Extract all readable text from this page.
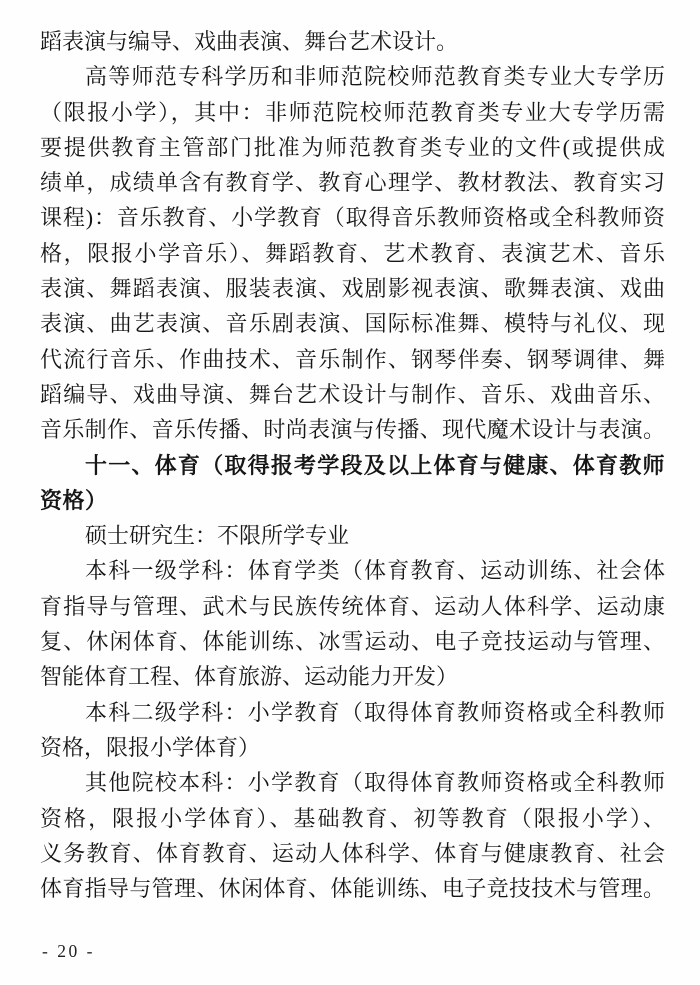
蹈表演与编导、戏曲表演、舞台艺术设计。
高等师范专科学历和非师范院校师范教育类专业大专学历
（限报小学），其中：非师范院校师范教育类专业大专学历需
要提供教育主管部门批准为师范教育类专业的文件(或提供成
绩单，成绩单含有教育学、教育心理学、教材教法、教育实习
课程)：音乐教育、小学教育（取得音乐教师资格或全科教师资
格，限报小学音乐）、舞蹈教育、艺术教育、表演艺术、音乐
表演、舞蹈表演、服装表演、戏剧影视表演、歌舞表演、戏曲
表演、曲艺表演、音乐剧表演、国际标准舞、模特与礼仪、现
代流行音乐、作曲技术、音乐制作、钢琴伴奏、钢琴调律、舞
蹈编导、戏曲导演、舞台艺术设计与制作、音乐、戏曲音乐、
音乐制作、音乐传播、时尚表演与传播、现代魔术设计与表演。
十一、体育（取得报考学段及以上体育与健康、体育教师
资格）
硕士研究生：不限所学专业
本科一级学科：体育学类（体育教育、运动训练、社会体
育指导与管理、武术与民族传统体育、运动人体科学、运动康
复、休闲体育、体能训练、冰雪运动、电子竞技运动与管理、
智能体育工程、体育旅游、运动能力开发）
本科二级学科：小学教育（取得体育教师资格或全科教师
资格，限报小学体育）
其他院校本科：小学教育（取得体育教师资格或全科教师
资格，限报小学体育）、基础教育、初等教育（限报小学）、
义务教育、体育教育、运动人体科学、体育与健康教育、社会
体育指导与管理、休闲体育、体能训练、电子竞技技术与管理。
- 20 -
